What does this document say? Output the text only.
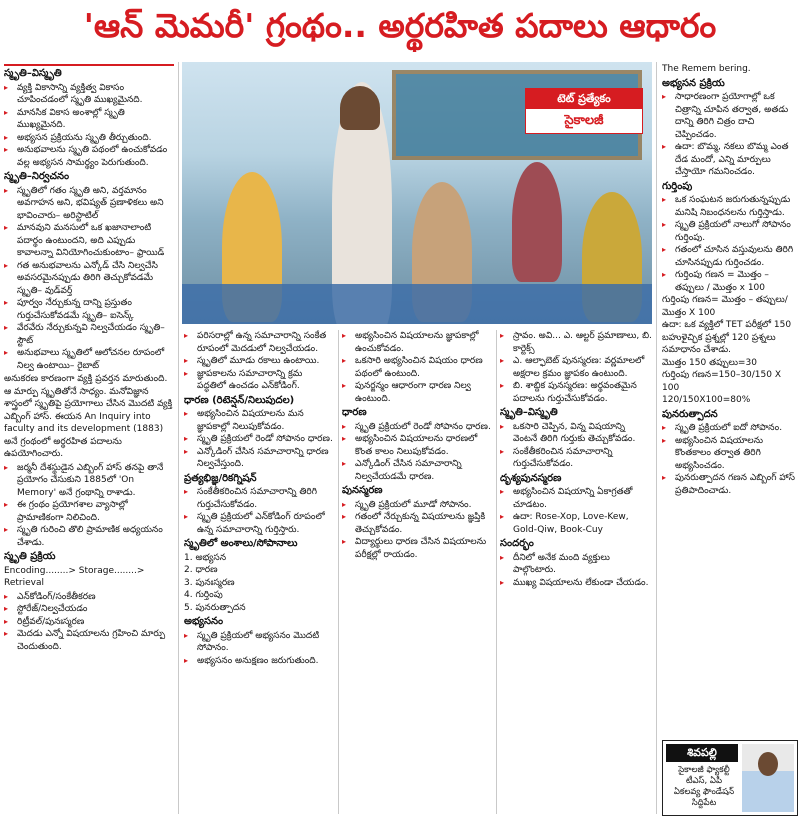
'ఆన్ మెమరీ' గ్రంథం.. అర్థరహిత పదాలు ఆధారం
స్మృతి–విస్మృతి
▸ వ్యక్తి వికాసాన్ని వ్యక్తిత్వ వికాసం చూపించడంలో స్మృతి ముఖ్యమైనది.
▸ మానసిక వికాస అంశాల్లో స్మృతి ముఖ్యమైనది.
▸ అభ్యసన ప్రక్రియను స్మృతి తీర్చుతుంది.
▸ అనుభవాలను స్మృతి పథంలో ఉంచుకోవడం వల్ల అభ్యసన సామర్థ్యం పెరుగుతుంది.
స్మృతి–నిర్వచనం
▸ స్మృతిలో గతం స్మృతి అని, వర్తమానం అవగాహన అని, భవిష్యత్ ప్రణాళికలు అని భావించారు– అరిస్టాటిల్
▸ మానవుని మనసులో ఒక ఖజానాలాంటి పదార్థం ఉంటుందని, అది ఎప్పుడు కావాలన్నా వినియోగించుకుంటాం– ఫ్రాయిడ్
▸ గత అనుభవాలను ఎన్కోడ్ చేసి నిల్వచేసి అవసరమైనప్పుడు తిరిగి తెచ్చుకోవడమే స్మృతి– వుడ్‌వర్త్
▸ పూర్వం నేర్చుకున్న దాన్ని ప్రస్తుతం గుర్తుచేసుకోవడమే స్మృతి– ఐసెన్క్
▸ వేరవేరు నేర్చుకున్నవి నిల్వచేయడం స్మృతి– స్టౌట్
▸ అనుభవాలు స్మృతిలో ఆలోచనల రూపంలో నిల్వ ఉంటాయి– రైబాట్
అనుకరణ కారణంగా వ్యక్తి ప్రవర్తన మారుతుంది. ఆ మార్పు స్మృతితోనే సాధ్యం. మనోవిజ్ఞాన శాస్త్రంలో స్మృతిపై ప్రయోగాలు చేసిన మొదటి వ్యక్తి ఎబ్బింగ్ హాస్. ఈయన An Inquiry into faculty and its development (1883) అనే గ్రంథంలో అర్థరహిత పదాలను ఉపయోగించారు.
▸ జర్మనీ దేశస్థుడైన ఎబ్బింగ్ హాస్ తనపై తానే ప్రయోగం చేసుకుని 1885లో 'On Memory' అనే గ్రంథాన్ని రాశాడు.
▸ ఈ గ్రంథం ప్రయోగశాల వ్యాసాల్లో ప్రామాణికంగా నిలిచింది.
▸ స్మృతి గురించి తొలి ప్రామాణిక అధ్యయనం చేశాడు.
స్మృతి ప్రక్రియ
Encoding........> Storage........> Retrieval
▸ ఎన్‌కోడింగ్/సంకేతీకరణ
▸ స్టోరేజ్/నిల్వచేయడం
▸ రిట్రీవల్/పునఃస్మరణ
▸ మెదడు ఎన్నో విషయాలను గ్రహించి మార్పు చెందుతుంది.
టెట్ ప్రత్యేకం
సైకాలజీ
▸ పరిసరాల్లో ఉన్న సమాచారాన్ని సంకేత రూపంలో మెదడులో నిల్వచేయడం.
▸ స్మృతిలో మూడు రకాలు ఉంటాయి.
▸ జ్ఞాపకాలను సమాచారాన్ని క్రమ పద్ధతిలో ఉంచడం ఎన్‌కోడింగ్.
ధారణ (రిటెన్షన్/నిలుపుదల)
▸ అభ్యసించిన విషయాలను మన జ్ఞాపకాల్లో నిలుపుకోవడం.
▸ స్మృతి ప్రక్రియలో రెండో సోపానం ధారణ.
▸ ఎన్కోడింగ్ చేసిన సమాచారాన్ని ధారణ నిల్వచేస్తుంది.
ప్రత్యభిజ్ఞ/రికగ్నిషన్
▸ సంకేతీకరించిన సమాచారాన్ని తిరిగి గుర్తుచేసుకోవడం.
▸ స్మృతి ప్రక్రియలో ఎన్‌కోడింగ్ రూపంలో ఉన్న సమాచారాన్ని గుర్తిస్తారు.
స్మృతిలో అంశాలు/సోపానాలు
1. అభ్యసన
2. ధారణ
3. పునఃస్మరణ
4. గుర్తింపు
5. పునరుత్పాదన
అభ్యసనం
▸ స్మృతి ప్రక్రియలో అభ్యసనం మొదటి సోపానం.
▸ అభ్యసనం అనుక్షణం జరుగుతుంది.
▸ అభ్యసించిన విషయాలను జ్ఞాపకాల్లో ఉంచుకోవడం.
▸ ఒకసారి అభ్యసించిన విషయం ధారణ పథంలో ఉంటుంది.
▸ పునర్జన్మం ఆధారంగా ధారణ నిల్వ ఉంటుంది.
ధారణ
▸ స్మృతి ప్రక్రియలో రెండో సోపానం ధారణ.
▸ అభ్యసించిన విషయాలను ధారణలో కొంత కాలం నిలుపుకోవడం.
▸ ఎన్కోడింగ్ చేసిన సమాచారాన్ని నిల్వచేయడమే ధారణ.
పునస్మరణ
▸ స్మృతి ప్రక్రియలో మూడో సోపానం.
▸ గతంలో నేర్చుకున్న విషయాలను జ్ఞప్తికి తెచ్చుకోవడం.
▸ విద్యార్థులు ధారణ చేసిన విషయాలను పరీక్షల్లో రాయడం.
▸ స్రావం. అవి... ఎ. ఆల్టర్ ప్రమాణాలు, బి. కార్టెక్స్
▸ ఎ. ఆల్ఫాబెట్ పునస్మరణ: వర్ణమాలలో అక్షరాల క్రమం జ్ఞాపకం ఉంటుంది.
▸ బి. శాబ్దిక పునస్మరణ: అర్థవంతమైన పదాలను గుర్తుచేసుకోవడం.
స్మృతి–విస్మృతి
▸ ఒకసారి చెప్పిన, విన్న విషయాన్ని వెంటనే తిరిగి గుర్తుకు తెచ్చుకోవడం.
▸ సంకేతీకరించిన సమాచారాన్ని గుర్తుచేసుకోవడం.
దృశ్యపునస్మరణ
▸ అభ్యసించిన విషయాన్ని ఏకాగ్రతతో చూడటం.
▸ ఉదా: Rose-Xop, Love-Kew, Gold-Qiw, Book-Cuy
సందర్భం
▸ దీనిలో అనేక మంది వ్యక్తులు పాల్గొంటారు.
▸ ముఖ్య విషయాలను లేకుండా చేయడం.
The Remem bering.
అభ్యసన ప్రక్రియ
▸ సాధారణంగా ప్రయోగాల్లో ఒక చిత్రాన్ని చూపిన తర్వాత, అతడు దాన్ని తిరిగి చిత్రం దాచి చెప్పించడం.
▸ ఉదా: బొమ్మ, నకలు బొమ్మ ఎంత దేడ మందో, ఎన్ని మార్పులు చేస్తాయో గమనించడం.
గుర్తింపు
▸ ఒక సంఘటన జరుగుతున్నప్పుడు మనిషి నిబంధనలను గుర్తిస్తాడు.
▸ స్మృతి ప్రక్రియలో నాలుగో సోపానం గుర్తింపు.
▸ గతంలో చూసిన వస్తువులను తిరిగి చూసినప్పుడు గుర్తించడం.
▸ గుర్తింపు గణన = మొత్తం – తప్పులు / మొత్తం x 100
గుర్తింపు గణన= మొత్తం – తప్పులు/
మొత్తం X 100
ఉదా: ఒక వ్యక్తిలో TET పరీక్షలో 150 బహుళైచ్ఛిక ప్రశ్నల్లో 120 ప్రశ్నలు సమాధానం చేశాడు.
మొత్తం 150 తప్పులు=30
గుర్తింపు గణన=150–30/150 X 100
120/150X100=80%
పునరుత్పాదన
▸ స్మృతి ప్రక్రియలో ఐదో సోపానం.
▸ అభ్యసించిన విషయాలను కొంతకాలం తర్వాత తిరిగి అభ్యసించడం.
▸ పునరుత్పాదన గణన ఎబ్బింగ్ హాస్ ప్రతిపాదించాడు.
శివపల్లి
సైకాలజీ ఫ్యాకల్టీ
టీఎస్, ఏపీ
ఏకలవ్య ఫౌండేషన్ సిద్దిపేట
